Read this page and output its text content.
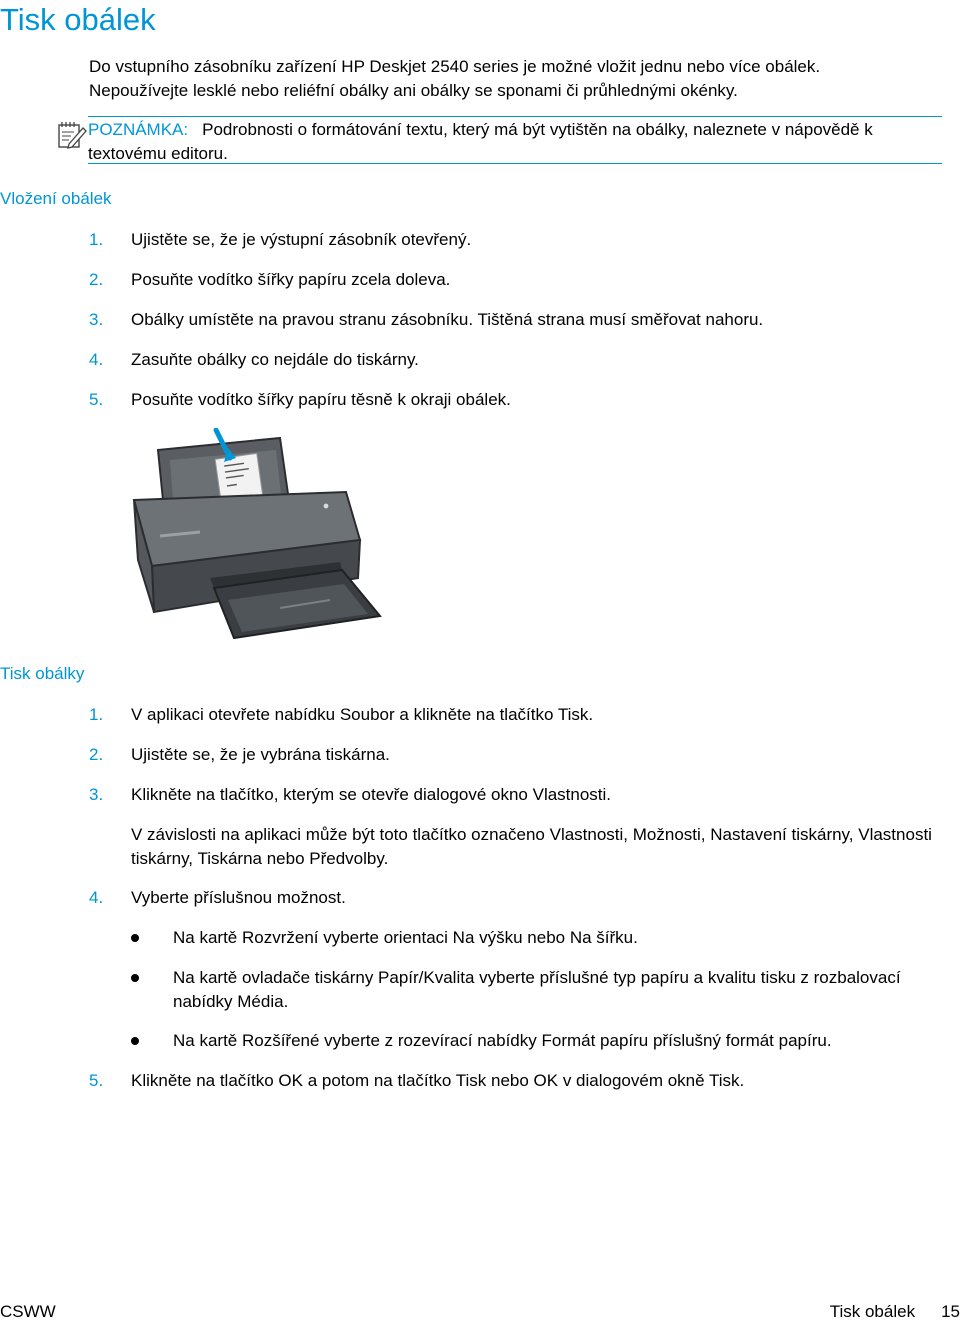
Tisk obálek
Do vstupního zásobníku zařízení HP Deskjet 2540 series je možné vložit jednu nebo více obálek.
Nepoužívejte lesklé nebo reliéfní obálky ani obálky se sponami či průhlednými okénky.
POZNÁMKA: Podrobnosti o formátování textu, který má být vytištěn na obálky, naleznete v nápovědě k textovému editoru.
Vložení obálek
1. Ujistěte se, že je výstupní zásobník otevřený.
2. Posuňte vodítko šířky papíru zcela doleva.
3. Obálky umístěte na pravou stranu zásobníku. Tištěná strana musí směřovat nahoru.
4. Zasuňte obálky co nejdále do tiskárny.
5. Posuňte vodítko šířky papíru těsně k okraji obálek.
Tisk obálky
1. V aplikaci otevřete nabídku Soubor a klikněte na tlačítko Tisk.
2. Ujistěte se, že je vybrána tiskárna.
3. Klikněte na tlačítko, kterým se otevře dialogové okno Vlastnosti.
V závislosti na aplikaci může být toto tlačítko označeno Vlastnosti, Možnosti, Nastavení tiskárny, Vlastnosti tiskárny, Tiskárna nebo Předvolby.
4. Vyberte příslušnou možnost.
Na kartě Rozvržení vyberte orientaci Na výšku nebo Na šířku.
Na kartě ovladače tiskárny Papír/Kvalita vyberte příslušné typ papíru a kvalitu tisku z rozbalovací nabídky Média.
Na kartě Rozšířené vyberte z rozevírací nabídky Formát papíru příslušný formát papíru.
5. Klikněte na tlačítko OK a potom na tlačítko Tisk nebo OK v dialogovém okně Tisk.
CSWW	Tisk obálek 15
